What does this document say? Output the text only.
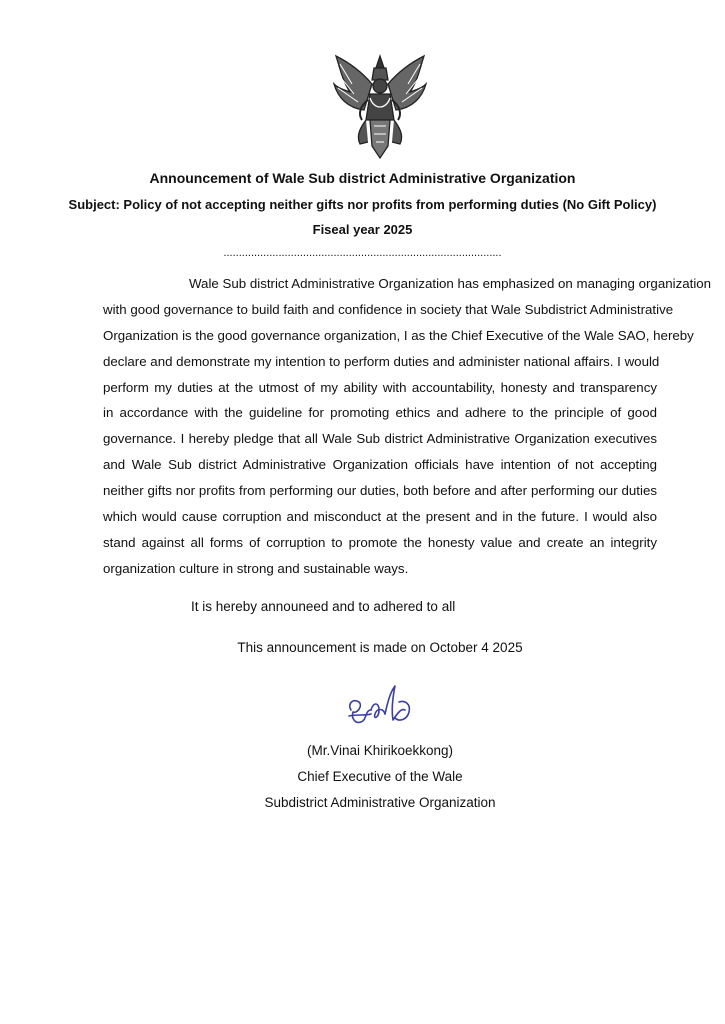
Announcement of Wale Sub district Administrative Organization
Subject: Policy of not accepting neither gifts nor profits from performing duties (No Gift Policy)
Fiseal year 2025
...........................................................................................
Wale Sub district Administrative Organization has emphasized on managing organization
with good governance to build faith and confidence in society that Wale Subdistrict Administrative
Organization is the good governance organization, I as the Chief Executive of the Wale SAO, hereby
declare and demonstrate my intention to perform duties and administer national affairs. I would
perform my duties at the utmost of my ability with accountability, honesty and transparency
in accordance with the guideline for promoting ethics and adhere to the principle of good
governance. I hereby pledge that all Wale Sub district Administrative Organization executives
and Wale Sub district Administrative Organization officials have intention of not accepting
neither gifts nor profits from performing our duties, both before and after performing our duties
which would cause corruption and misconduct at the present and in the future. I would also
stand against all forms of corruption to promote the honesty value and create an integrity
organization culture in strong and sustainable ways.
It is hereby announeed and to adhered to all
This announcement is made on October 4 2025
(Mr.Vinai Khirikoekkong)
Chief Executive of the Wale
Subdistrict Administrative Organization
